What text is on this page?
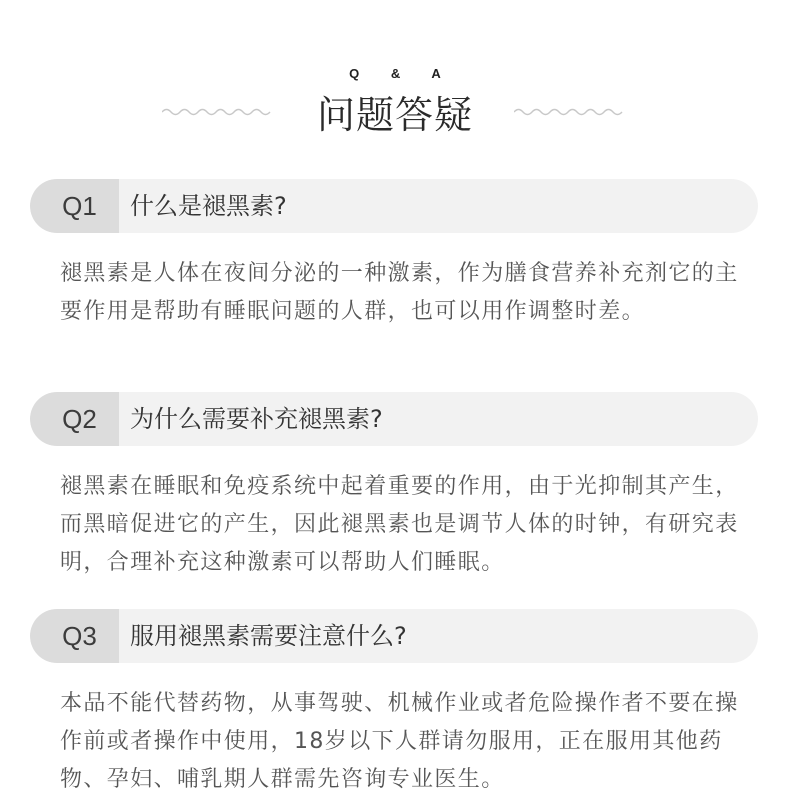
Q & A
问题答疑
Q1	什么是褪黑素?
褪黑素是人体在夜间分泌的一种激素，作为膳食营养补充剂它的主要作用是帮助有睡眠问题的人群，也可以用作调整时差。
Q2	为什么需要补充褪黑素?
褪黑素在睡眠和免疫系统中起着重要的作用，由于光抑制其产生，而黑暗促进它的产生，因此褪黑素也是调节人体的时钟，有研究表明，合理补充这种激素可以帮助人们睡眠。
Q3	服用褪黑素需要注意什么?
本品不能代替药物，从事驾驶、机械作业或者危险操作者不要在操作前或者操作中使用，18岁以下人群请勿服用，正在服用其他药物、孕妇、哺乳期人群需先咨询专业医生。
